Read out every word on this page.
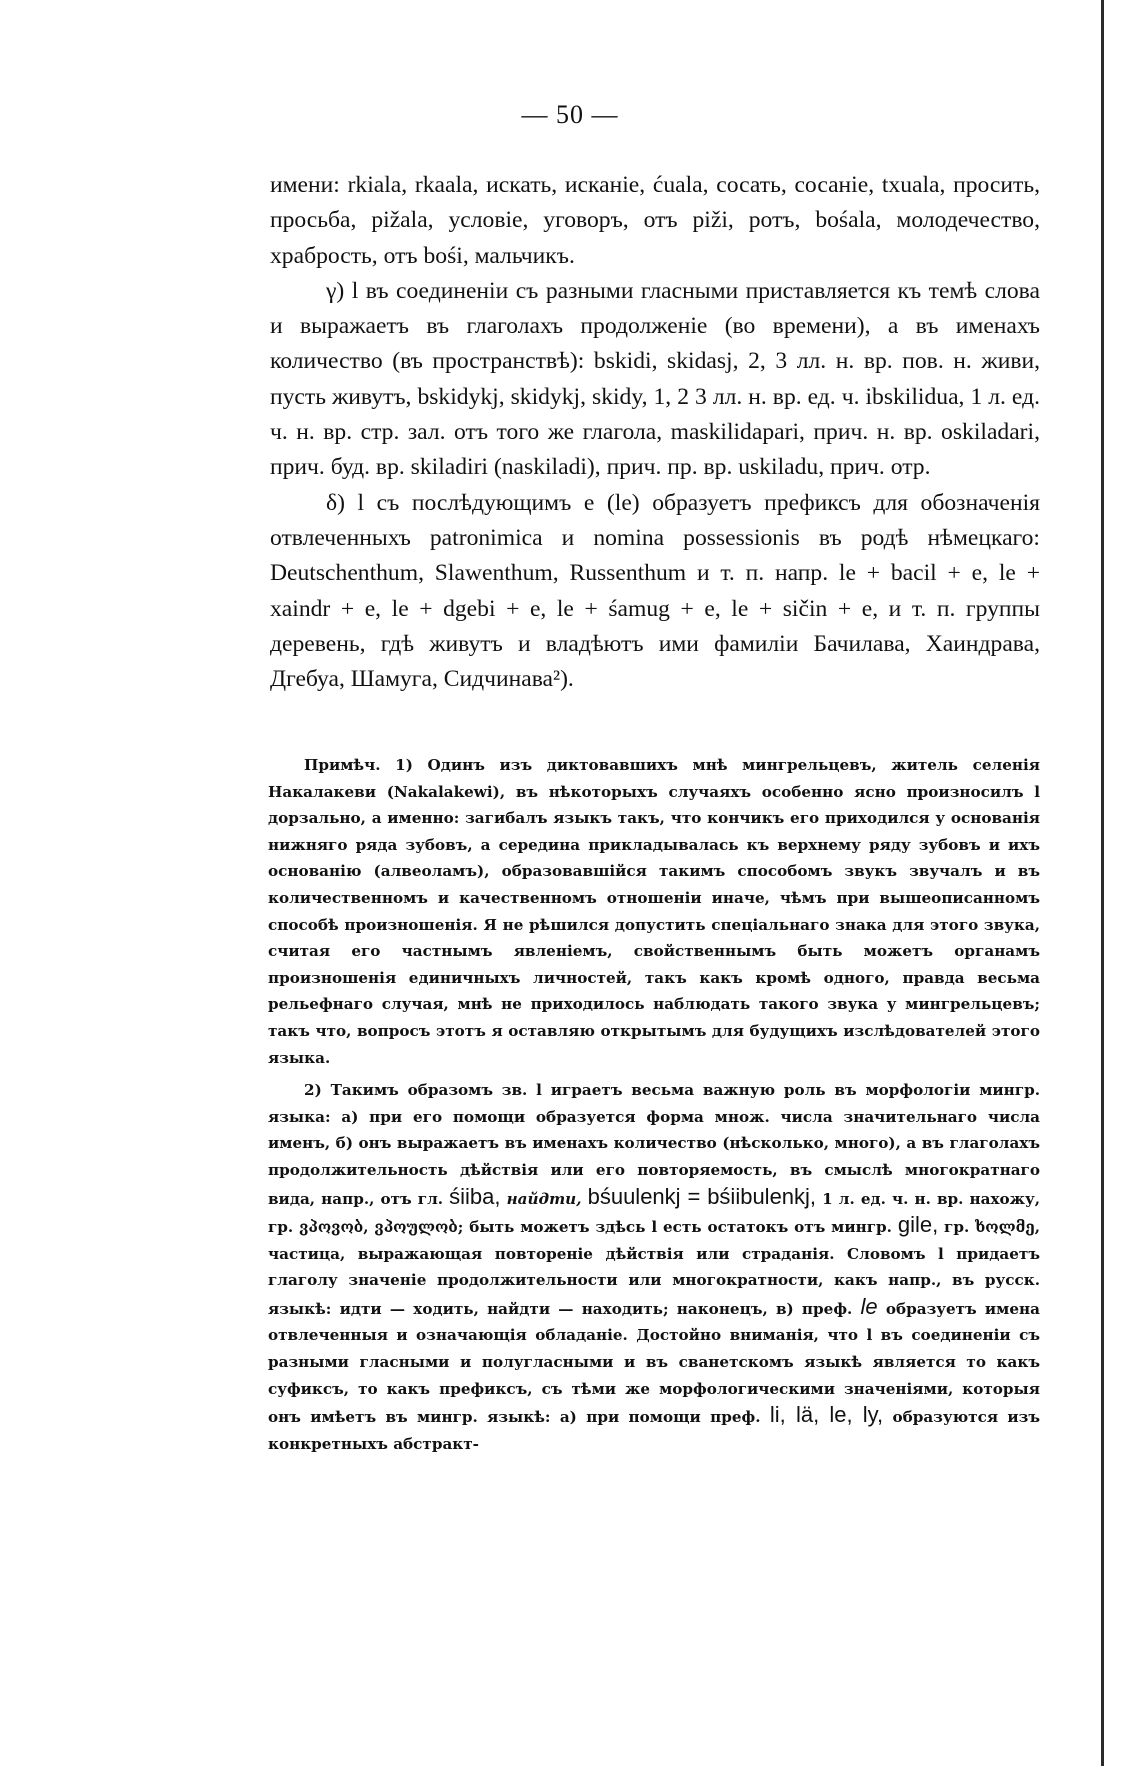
— 50 —

имени: rkiala, rkaala, искать, исканіе, ćuala, сосать, сосаніе, txuala, просить, просьба, pižala, условіе, уговоръ, отъ piži, ротъ, bośala, молодечество, храбрость, отъ bośi, мальчикъ.

γ) l въ соединеніи съ разными гласными приставляется къ темѣ слова и выражаетъ въ глаголахъ продолженіе (во времени), а въ именахъ количество (въ пространствѣ): bskidi, skidasj, 2, 3 лл. н. вр. пов. н. живи, пусть живутъ, bskidykj, skidykj, skidy, 1, 2 3 лл. н. вр. ед. ч. ibskilidua, 1 л. ед. ч. н. вр. стр. зал. отъ того же глагола, maskilidapari, прич. н. вр. oskiladari, прич. буд. вр. skiladiri (naskiladi), прич. пр. вр. uskiladu, прич. отр.

δ) l съ послѣдующимъ e (le) образуетъ префиксъ для обозначенія отвлеченныхъ patronimica и nomina possessionis въ родѣ нѣмецкаго: Deutschenthum, Slawenthum, Russenthum и т. п. напр. le + bacil + e, le + xaindr + e, le + dgebi + e, le + śamug + e, le + sičin + e, и т. п. группы деревень, гдѣ живутъ и владѣютъ ими фамиліи Бачилава, Хаиндрава, Дгебуа, Шамуга, Сидчинава²).

Примѣч. 1) Одинъ изъ диктовавшихъ мнѣ мингрельцевъ, житель селенія Накалакеви (Nakalakewi), въ нѣкоторыхъ случаяхъ особенно ясно произносилъ l дорзально, а именно: загибалъ языкъ такъ, что кончикъ его приходился у основанія нижняго ряда зубовъ, а середина прикладывалась къ верхнему ряду зубовъ и ихъ основанію (алвеоламъ), образовавшійся такимъ способомъ звукъ звучалъ и въ количественномъ и качественномъ отношеніи иначе, чѣмъ при вышеописанномъ способѣ произношенія. Я не рѣшился допустить спеціальнаго знака для этого звука, считая его частнымъ явленіемъ, свойственнымъ быть можетъ органамъ произношенія единичныхъ личностей, такъ какъ кромѣ одного, правда весьма рельефнаго случая, мнѣ не приходилось наблюдать такого звука у мингрельцевъ; такъ что, вопросъ этотъ я оставляю открытымъ для будущихъ изслѣдователей этого языка.

2) Такимъ образомъ зв. l играетъ весьма важную роль въ морфологіи мингр. языка: а) при его помощи образуется форма множ. числа значительнаго числа именъ, б) онъ выражаетъ въ именахъ количество (нѣсколько, много), а въ глаголахъ продолжительность дѣйствія или его повторяемость, въ смыслѣ многократнаго вида, напр., отъ гл. śiiba, найдти, bśuulenkj = bśiibulenkj, 1 л. ед. ч. н. вр. нахожу, гр. ვპოვობ, ვპოულობ; быть можетъ здѣсь l есть остатокъ отъ мингр. gile, гр. ხოლმე, частица, выражающая повтореніе дѣйствія или страданія. Словомъ l придаетъ глаголу значеніе продолжительности или многократности, какъ напр., въ русск. языкѣ: идти — ходить, найдти — находить; наконецъ, в) преф. le образуетъ имена отвлеченныя и означающія обладаніе. Достойно вниманія, что l въ соединеніи съ разными гласными и полугласными и въ сванетскомъ языкѣ является то какъ суфиксъ, то какъ префиксъ, съ тѣми же морфологическими значеніями, которыя онъ имѣетъ въ мингр. языкѣ: а) при помощи преф. li, lä, le, ly, образуются изъ конкретныхъ абстракт-
